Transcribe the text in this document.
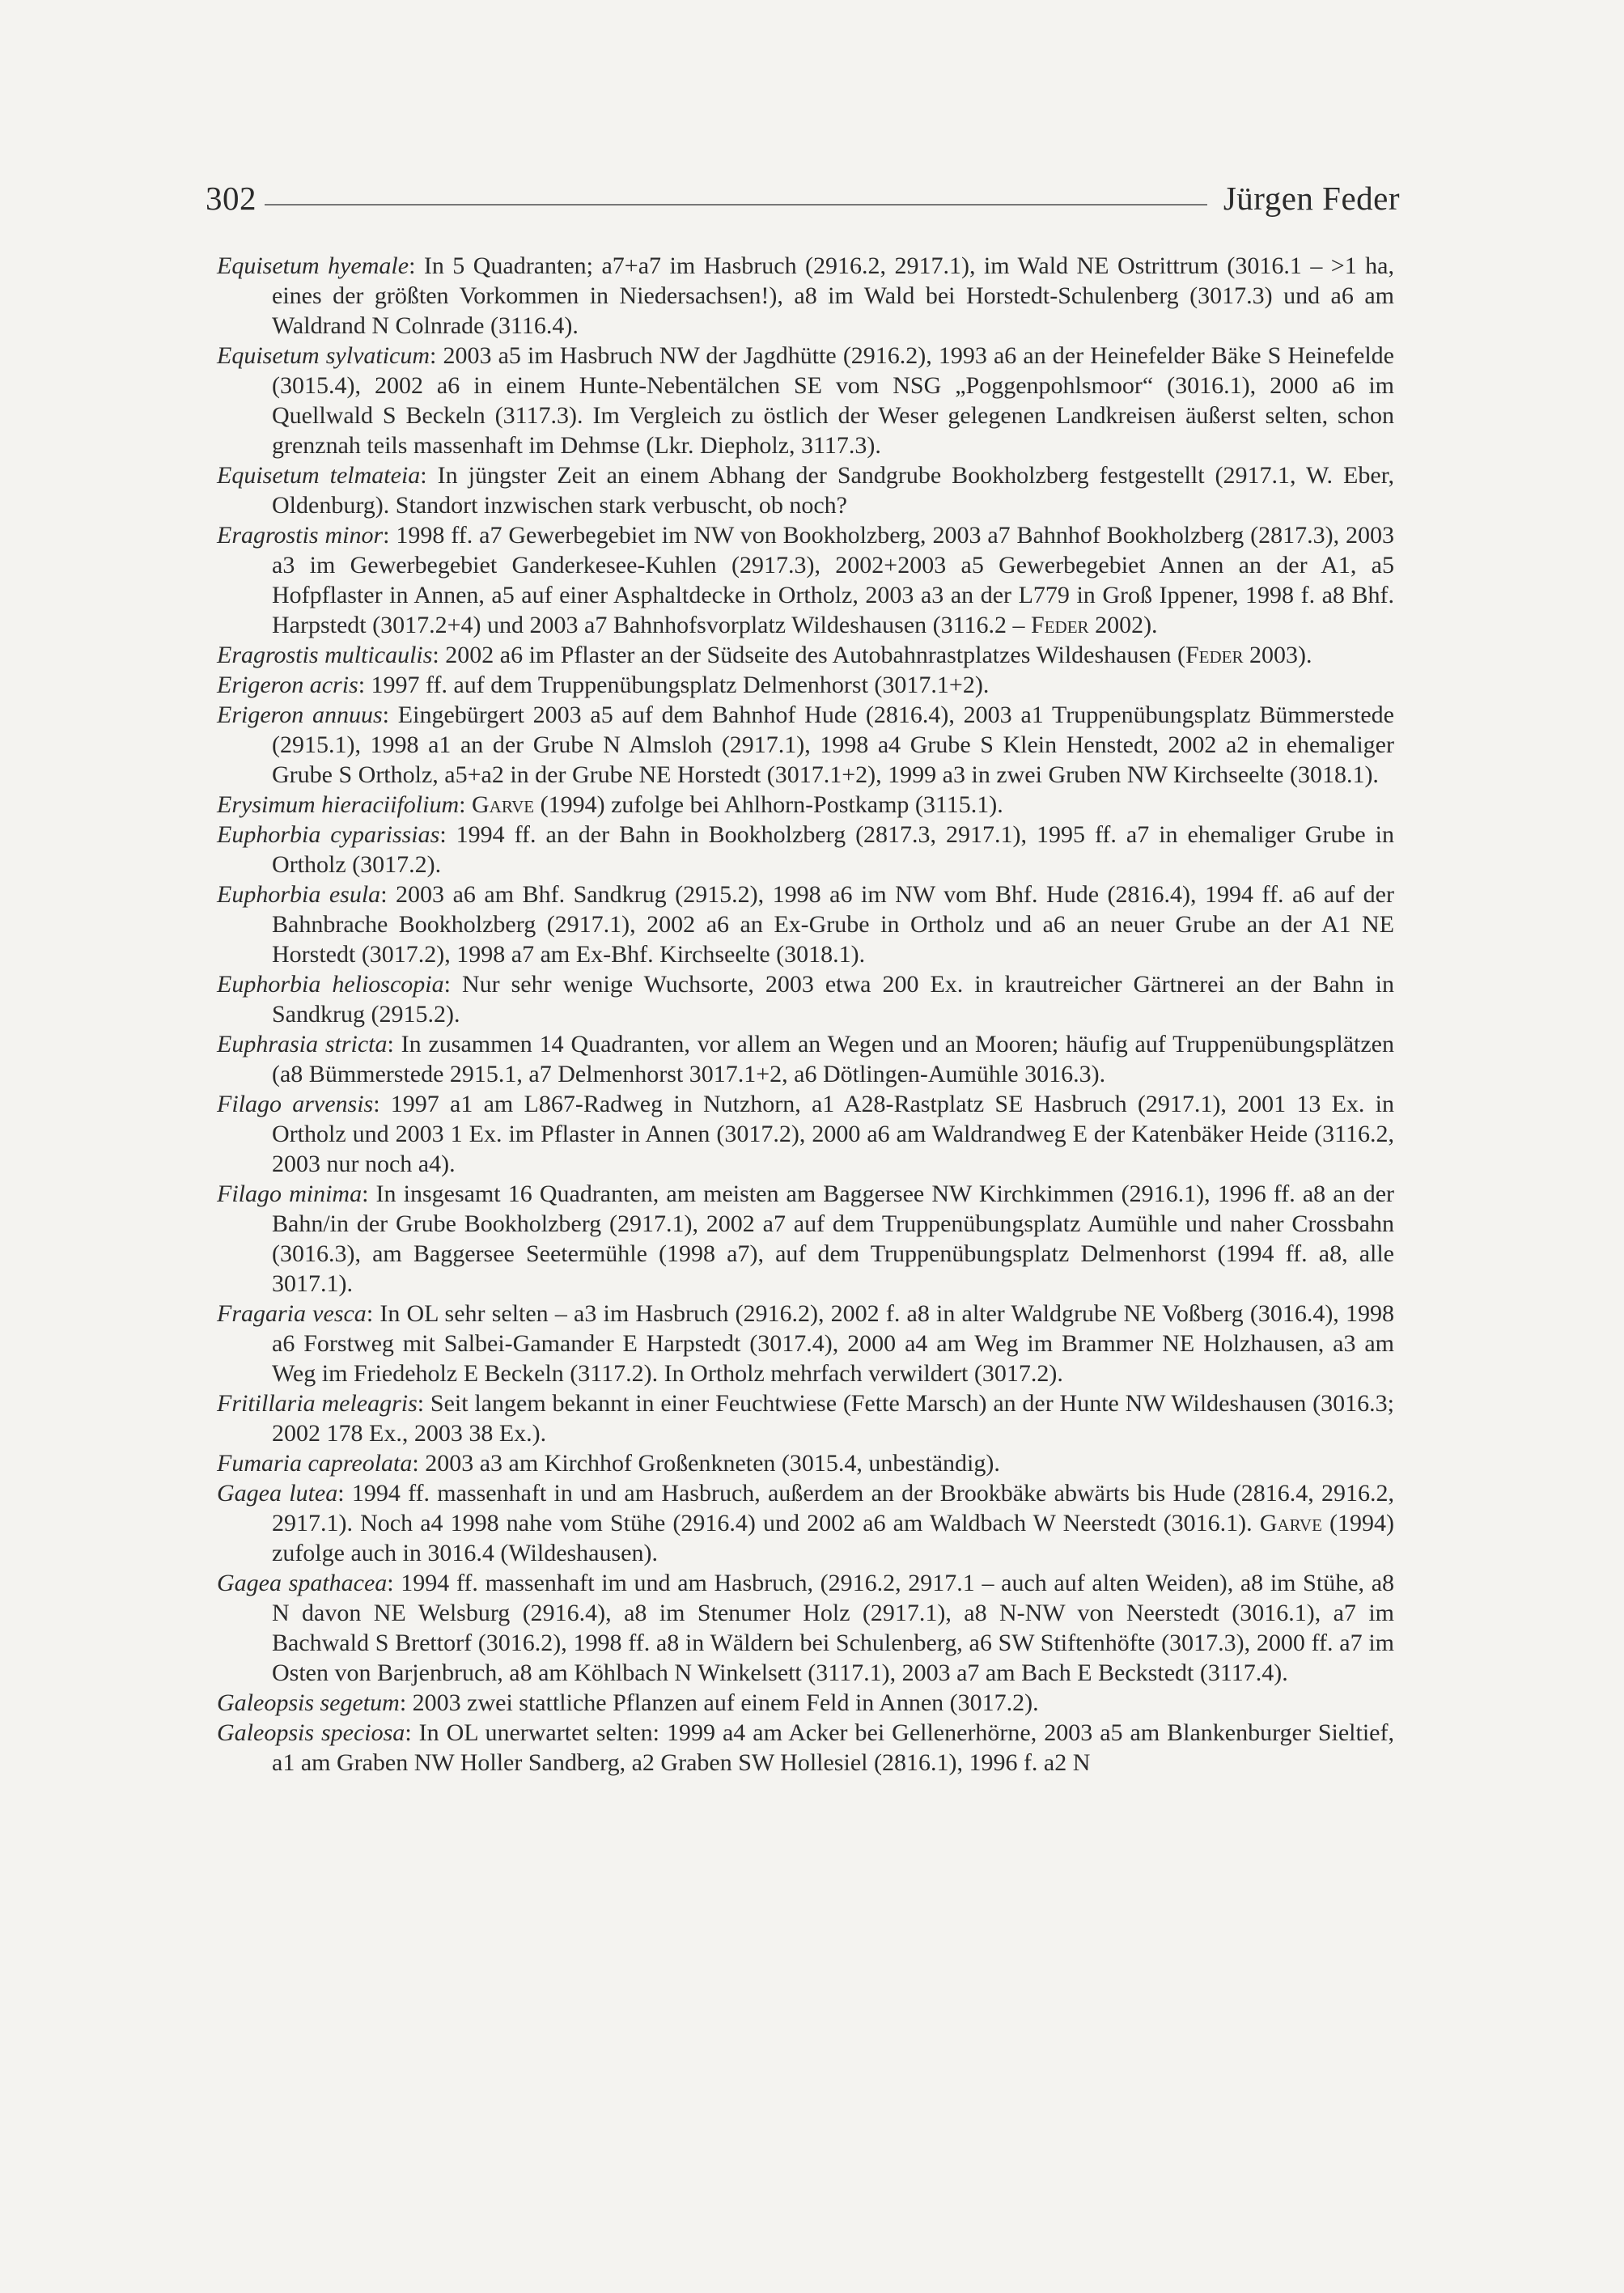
302	Jürgen Feder

Equisetum hyemale: In 5 Quadranten; a7+a7 im Hasbruch (2916.2, 2917.1), im Wald NE Ostrittrum (3016.1 – >1 ha, eines der größten Vorkommen in Niedersachsen!), a8 im Wald bei Horstedt-Schulenberg (3017.3) und a6 am Waldrand N Colnrade (3116.4).

Equisetum sylvaticum: 2003 a5 im Hasbruch NW der Jagdhütte (2916.2), 1993 a6 an der Heinefelder Bäke S Heinefelde (3015.4), 2002 a6 in einem Hunte-Nebentälchen SE vom NSG „Poggenpohlsmoor“ (3016.1), 2000 a6 im Quellwald S Beckeln (3117.3). Im Vergleich zu östlich der Weser gelegenen Landkreisen äußerst selten, schon grenznah teils massenhaft im Dehmse (Lkr. Diepholz, 3117.3).

Equisetum telmateia: In jüngster Zeit an einem Abhang der Sandgrube Bookholzberg festgestellt (2917.1, W. Eber, Oldenburg). Standort inzwischen stark verbuscht, ob noch?

Eragrostis minor: 1998 ff. a7 Gewerbegebiet im NW von Bookholzberg, 2003 a7 Bahnhof Bookholzberg (2817.3), 2003 a3 im Gewerbegebiet Ganderkesee-Kuhlen (2917.3), 2002+2003 a5 Gewerbegebiet Annen an der A1, a5 Hofpflaster in Annen, a5 auf einer Asphaltdecke in Ortholz, 2003 a3 an der L779 in Groß Ippener, 1998 f. a8 Bhf. Harpstedt (3017.2+4) und 2003 a7 Bahnhofsvorplatz Wildeshausen (3116.2 – Feder 2002).

Eragrostis multicaulis: 2002 a6 im Pflaster an der Südseite des Autobahnrastplatzes Wildeshausen (Feder 2003).

Erigeron acris: 1997 ff. auf dem Truppenübungsplatz Delmenhorst (3017.1+2).

Erigeron annuus: Eingebürgert 2003 a5 auf dem Bahnhof Hude (2816.4), 2003 a1 Truppenübungsplatz Bümmerstede (2915.1), 1998 a1 an der Grube N Almsloh (2917.1), 1998 a4 Grube S Klein Henstedt, 2002 a2 in ehemaliger Grube S Ortholz, a5+a2 in der Grube NE Horstedt (3017.1+2), 1999 a3 in zwei Gruben NW Kirchseelte (3018.1).

Erysimum hieraciifolium: Garve (1994) zufolge bei Ahlhorn-Postkamp (3115.1).

Euphorbia cyparissias: 1994 ff. an der Bahn in Bookholzberg (2817.3, 2917.1), 1995 ff. a7 in ehemaliger Grube in Ortholz (3017.2).

Euphorbia esula: 2003 a6 am Bhf. Sandkrug (2915.2), 1998 a6 im NW vom Bhf. Hude (2816.4), 1994 ff. a6 auf der Bahnbrache Bookholzberg (2917.1), 2002 a6 an Ex-Grube in Ortholz und a6 an neuer Grube an der A1 NE Horstedt (3017.2), 1998 a7 am Ex-Bhf. Kirchseelte (3018.1).

Euphorbia helioscopia: Nur sehr wenige Wuchsorte, 2003 etwa 200 Ex. in krautreicher Gärtnerei an der Bahn in Sandkrug (2915.2).

Euphrasia stricta: In zusammen 14 Quadranten, vor allem an Wegen und an Mooren; häufig auf Truppenübungsplätzen (a8 Bümmerstede 2915.1, a7 Delmenhorst 3017.1+2, a6 Dötlingen-Aumühle 3016.3).

Filago arvensis: 1997 a1 am L867-Radweg in Nutzhorn, a1 A28-Rastplatz SE Hasbruch (2917.1), 2001 13 Ex. in Ortholz und 2003 1 Ex. im Pflaster in Annen (3017.2), 2000 a6 am Waldrandweg E der Katenbäker Heide (3116.2, 2003 nur noch a4).

Filago minima: In insgesamt 16 Quadranten, am meisten am Baggersee NW Kirchkimmen (2916.1), 1996 ff. a8 an der Bahn/in der Grube Bookholzberg (2917.1), 2002 a7 auf dem Truppenübungsplatz Aumühle und naher Crossbahn (3016.3), am Baggersee Seetermühle (1998 a7), auf dem Truppenübungsplatz Delmenhorst (1994 ff. a8, alle 3017.1).

Fragaria vesca: In OL sehr selten – a3 im Hasbruch (2916.2), 2002 f. a8 in alter Waldgrube NE Voßberg (3016.4), 1998 a6 Forstweg mit Salbei-Gamander E Harpstedt (3017.4), 2000 a4 am Weg im Brammer NE Holzhausen, a3 am Weg im Friedeholz E Beckeln (3117.2). In Ortholz mehrfach verwildert (3017.2).

Fritillaria meleagris: Seit langem bekannt in einer Feuchtwiese (Fette Marsch) an der Hunte NW Wildeshausen (3016.3; 2002 178 Ex., 2003 38 Ex.).

Fumaria capreolata: 2003 a3 am Kirchhof Großenkneten (3015.4, unbeständig).

Gagea lutea: 1994 ff. massenhaft in und am Hasbruch, außerdem an der Brookbäke abwärts bis Hude (2816.4, 2916.2, 2917.1). Noch a4 1998 nahe vom Stühe (2916.4) und 2002 a6 am Waldbach W Neerstedt (3016.1). Garve (1994) zufolge auch in 3016.4 (Wildeshausen).

Gagea spathacea: 1994 ff. massenhaft im und am Hasbruch, (2916.2, 2917.1 – auch auf alten Weiden), a8 im Stühe, a8 N davon NE Welsburg (2916.4), a8 im Stenumer Holz (2917.1), a8 N-NW von Neerstedt (3016.1), a7 im Bachwald S Brettorf (3016.2), 1998 ff. a8 in Wäldern bei Schulenberg, a6 SW Stiftenhöfte (3017.3), 2000 ff. a7 im Osten von Barjenbruch, a8 am Köhlbach N Winkelsett (3117.1), 2003 a7 am Bach E Beckstedt (3117.4).

Galeopsis segetum: 2003 zwei stattliche Pflanzen auf einem Feld in Annen (3017.2).

Galeopsis speciosa: In OL unerwartet selten: 1999 a4 am Acker bei Gellenerhörne, 2003 a5 am Blankenburger Sieltief, a1 am Graben NW Holler Sandberg, a2 Graben SW Hollesiel (2816.1), 1996 f. a2 N
